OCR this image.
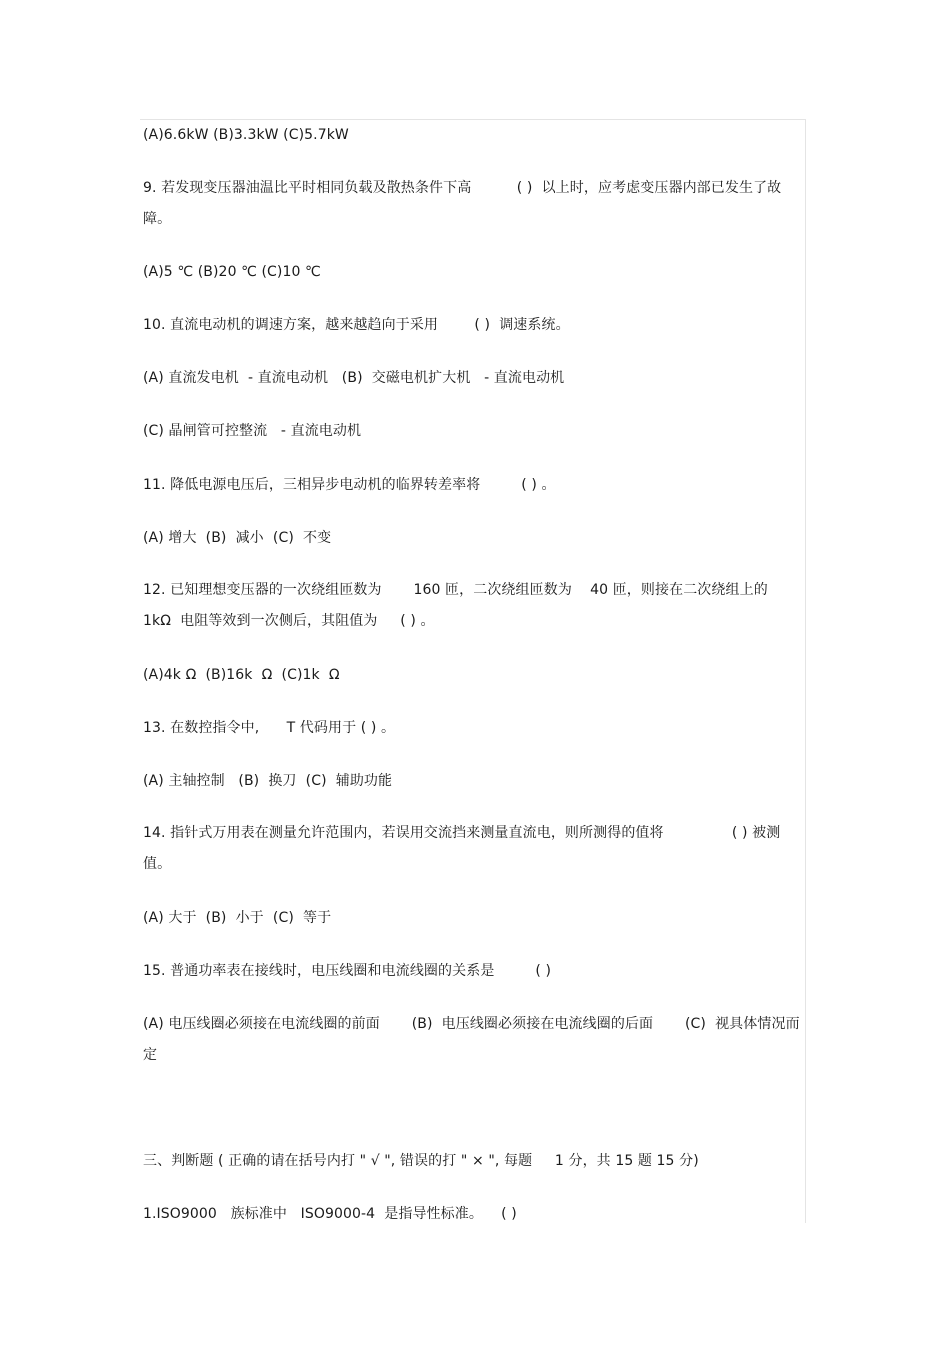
(A)6.6kW (B)3.3kW (C)5.7kW
9. 若发现变压器油温比平时相同负载及散热条件下高          ( )  以上时，应考虑变压器内部已发生了故障。
(A)5 ℃ (B)20 ℃ (C)10 ℃
10. 直流电动机的调速方案，越来越趋向于采用        ( )  调速系统。
(A) 直流发电机  - 直流电动机   (B)  交磁电机扩大机   - 直流电动机
(C) 晶闸管可控整流   - 直流电动机
11. 降低电源电压后，三相异步电动机的临界转差率将         ( ) 。
(A) 增大  (B)  减小  (C)  不变
12. 已知理想变压器的一次绕组匝数为       160 匝，二次绕组匝数为    40 匝，则接在二次绕组上的 1kΩ  电阻等效到一次侧后，其阻值为     ( ) 。
(A)4k Ω  (B)16k  Ω  (C)1k  Ω
13. 在数控指令中,      T 代码用于 ( ) 。
(A) 主轴控制   (B)  换刀  (C)  辅助功能
14. 指针式万用表在测量允许范围内，若误用交流挡来测量直流电，则所测得的值将               ( ) 被测值。
(A) 大于  (B)  小于  (C)  等于
15. 普通功率表在接线时，电压线圈和电流线圈的关系是         ( )
(A) 电压线圈必须接在电流线圈的前面       (B)  电压线圈必须接在电流线圈的后面       (C)  视具体情况而定
三、判断题 ( 正确的请在括号内打 " √ ", 错误的打 " × ", 每题     1 分，共 15 题 15 分)
1.ISO9000   族标准中   ISO9000-4  是指导性标准。    ( )
